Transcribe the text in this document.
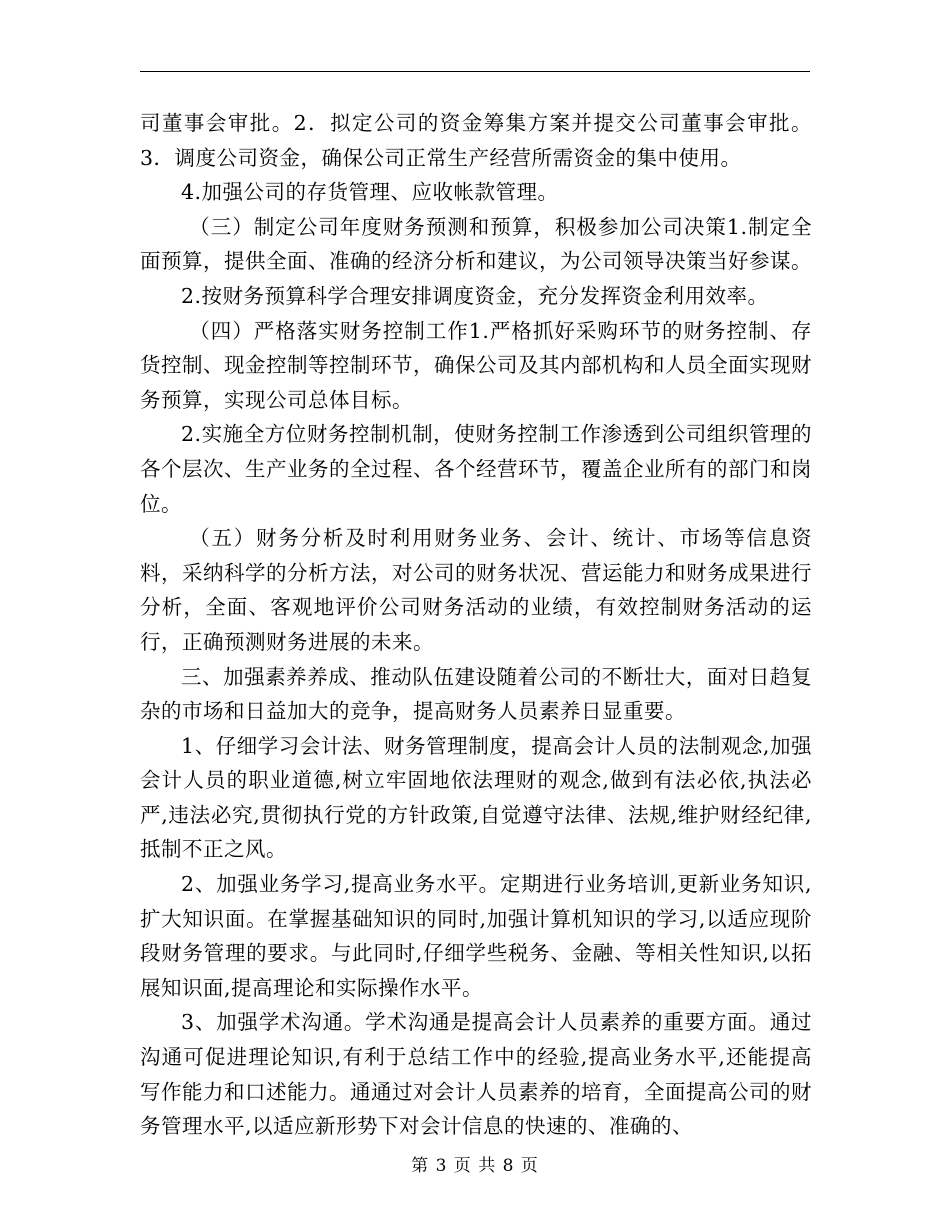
司董事会审批。2．拟定公司的资金筹集方案并提交公司董事会审批。3．调度公司资金，确保公司正常生产经营所需资金的集中使用。

4.加强公司的存货管理、应收帐款管理。

（三）制定公司年度财务预测和预算，积极参加公司决策1.制定全面预算，提供全面、准确的经济分析和建议，为公司领导决策当好参谋。

2.按财务预算科学合理安排调度资金，充分发挥资金利用效率。

（四）严格落实财务控制工作1.严格抓好采购环节的财务控制、存货控制、现金控制等控制环节，确保公司及其内部机构和人员全面实现财务预算，实现公司总体目标。

2.实施全方位财务控制机制，使财务控制工作渗透到公司组织管理的各个层次、生产业务的全过程、各个经营环节，覆盖企业所有的部门和岗位。

（五）财务分析及时利用财务业务、会计、统计、市场等信息资料，采纳科学的分析方法，对公司的财务状况、营运能力和财务成果进行分析，全面、客观地评价公司财务活动的业绩，有效控制财务活动的运行，正确预测财务进展的未来。

三、加强素养养成、推动队伍建设随着公司的不断壮大，面对日趋复杂的市场和日益加大的竞争，提高财务人员素养日显重要。

1、仔细学习会计法、财务管理制度，提高会计人员的法制观念,加强会计人员的职业道德,树立牢固地依法理财的观念,做到有法必依,执法必严,违法必究,贯彻执行党的方针政策,自觉遵守法律、法规,维护财经纪律,抵制不正之风。

2、加强业务学习,提高业务水平。定期进行业务培训,更新业务知识,扩大知识面。在掌握基础知识的同时,加强计算机知识的学习,以适应现阶段财务管理的要求。与此同时,仔细学些税务、金融、等相关性知识,以拓展知识面,提高理论和实际操作水平。

3、加强学术沟通。学术沟通是提高会计人员素养的重要方面。通过沟通可促进理论知识,有利于总结工作中的经验,提高业务水平,还能提高写作能力和口述能力。通通过对会计人员素养的培育，全面提高公司的财务管理水平,以适应新形势下对会计信息的快速的、准确的、

第 3 页 共 8 页
